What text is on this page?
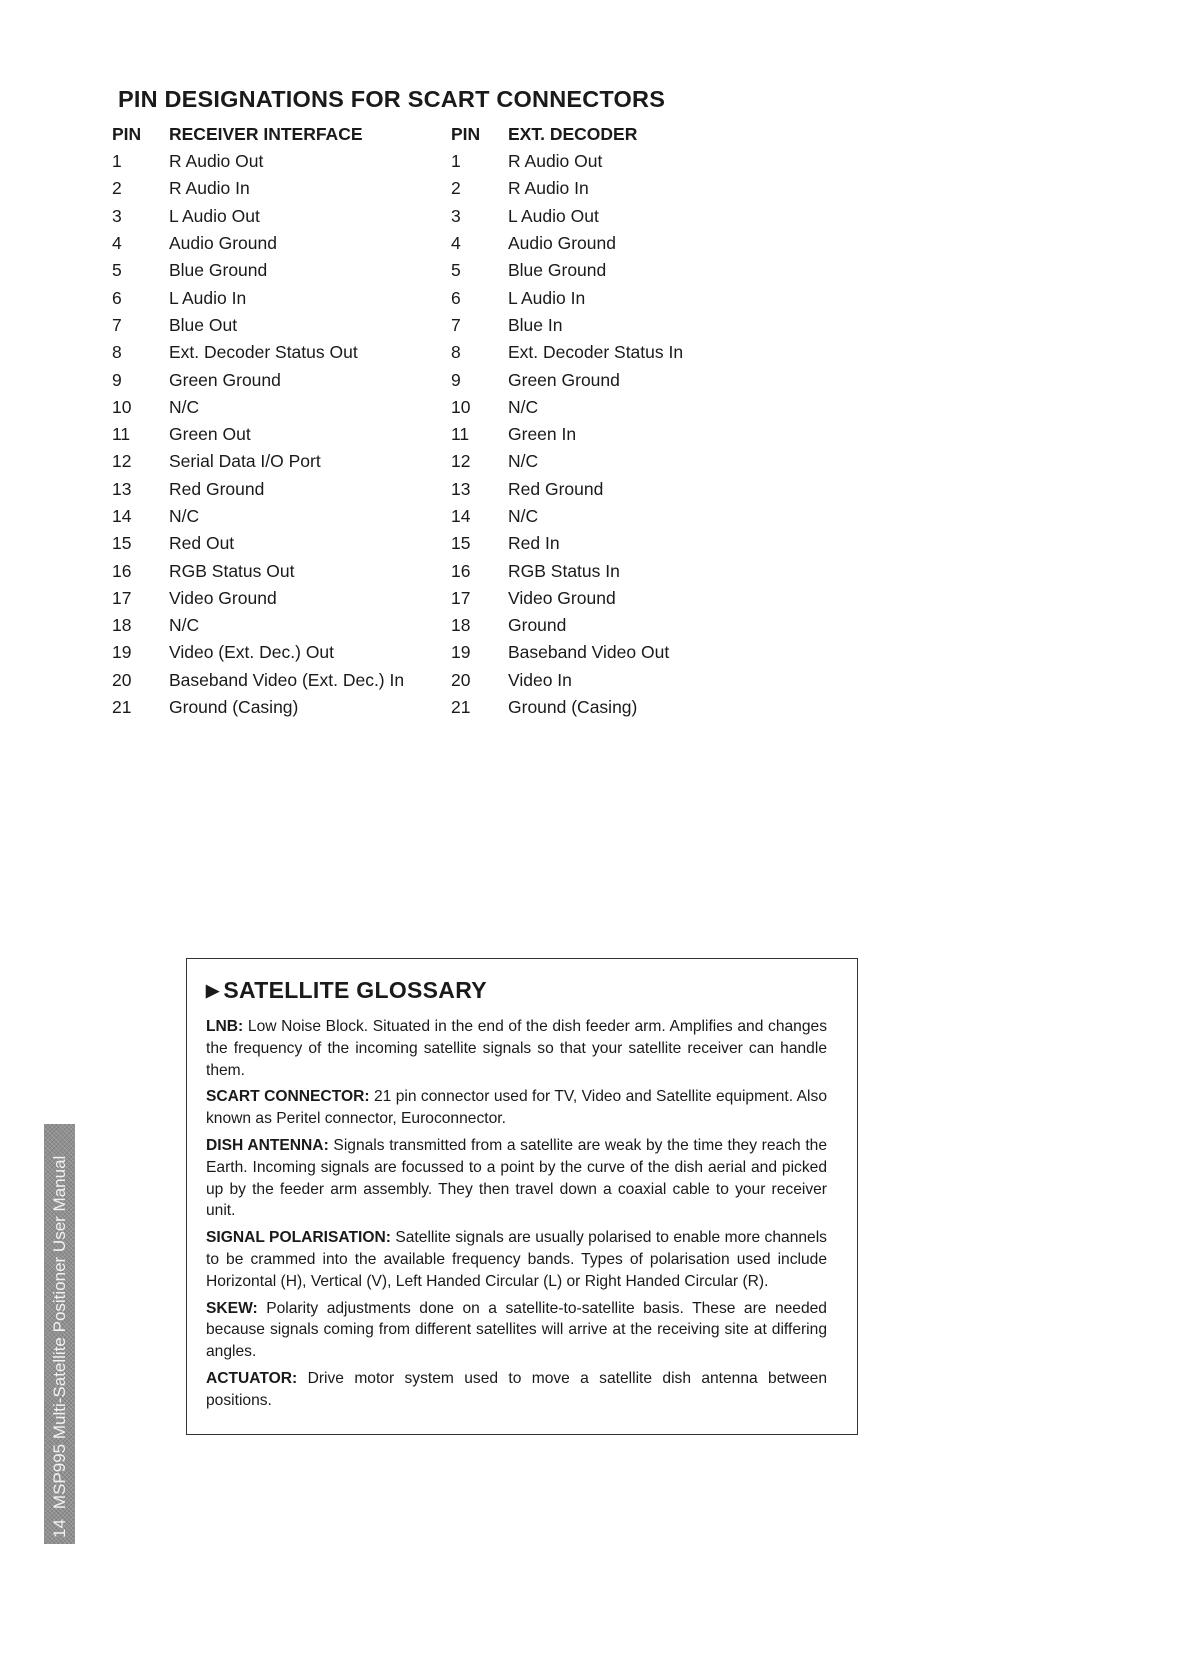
PIN DESIGNATIONS FOR SCART CONNECTORS
PIN	RECEIVER INTERFACE	PIN	EXT. DECODER
1	R Audio Out	1	R Audio Out
2	R Audio In	2	R Audio In
3	L Audio Out	3	L Audio Out
4	Audio Ground	4	Audio Ground
5	Blue Ground	5	Blue Ground
6	L Audio In	6	L Audio In
7	Blue Out	7	Blue In
8	Ext. Decoder Status Out	8	Ext. Decoder Status In
9	Green Ground	9	Green Ground
10	N/C	10	N/C
11	Green Out	11	Green In
12	Serial Data I/O Port	12	N/C
13	Red Ground	13	Red Ground
14	N/C	14	N/C
15	Red Out	15	Red In
16	RGB Status Out	16	RGB Status In
17	Video Ground	17	Video Ground
18	N/C	18	Ground
19	Video (Ext. Dec.) Out	19	Baseband Video Out
20	Baseband Video (Ext. Dec.) In	20	Video In
21	Ground (Casing)	21	Ground (Casing)
▶ SATELLITE GLOSSARY

LNB: Low Noise Block. Situated in the end of the dish feeder arm. Amplifies and changes the frequency of the incoming satellite signals so that your satellite receiver can handle them.

SCART CONNECTOR: 21 pin connector used for TV, Video and Satellite equipment. Also known as Peritel connector, Euroconnector.

DISH ANTENNA: Signals transmitted from a satellite are weak by the time they reach the Earth. Incoming signals are focussed to a point by the curve of the dish aerial and picked up by the feeder arm assembly. They then travel down a coaxial cable to your receiver unit.

SIGNAL POLARISATION: Satellite signals are usually polarised to enable more channels to be crammed into the available frequency bands. Types of polarisation used include Horizontal (H), Vertical (V), Left Handed Circular (L) or Right Handed Circular (R).

SKEW: Polarity adjustments done on a satellite-to-satellite basis. These are needed because signals coming from different satellites will arrive at the receiving site at differing angles.

ACTUATOR: Drive motor system used to move a satellite dish antenna between positions.

14
MSP995 Multi-Satellite Positioner User Manual
